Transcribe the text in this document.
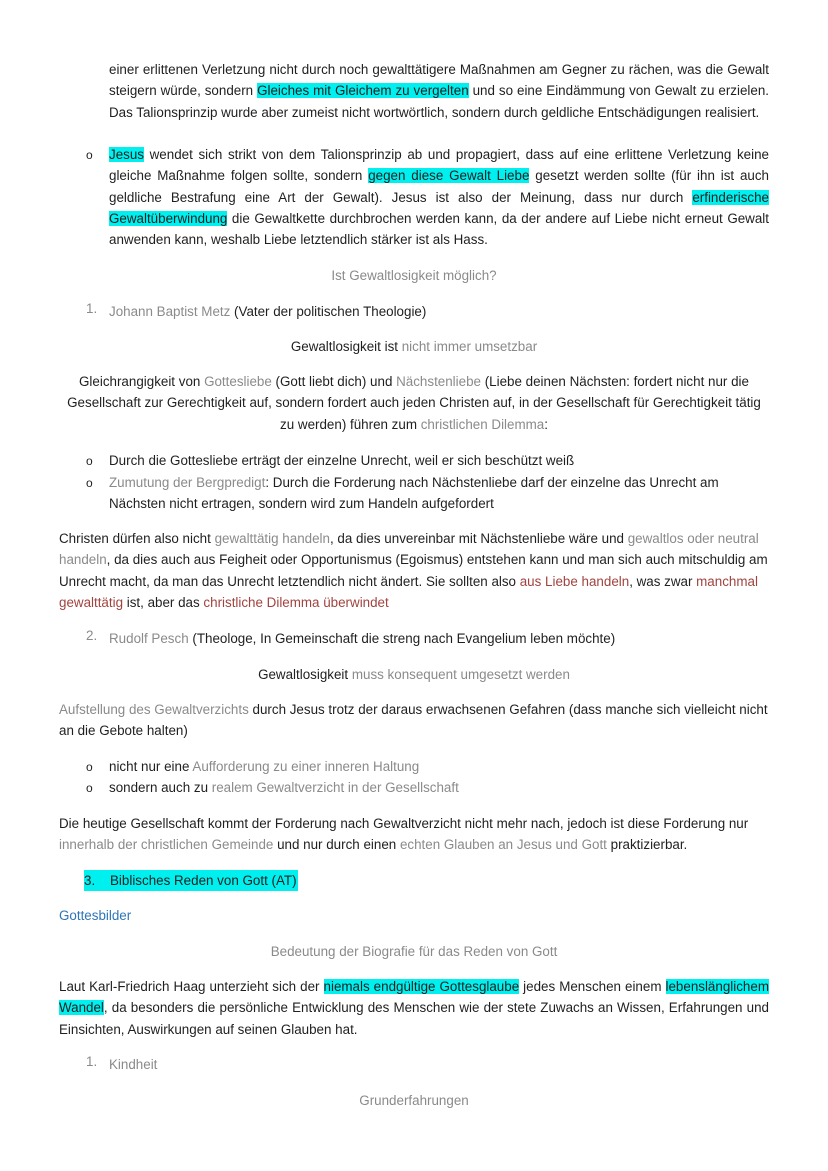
einer erlittenen Verletzung nicht durch noch gewalttätigere Maßnahmen am Gegner zu rächen, was die Gewalt steigern würde, sondern Gleiches mit Gleichem zu vergelten und so eine Eindämmung von Gewalt zu erzielen. Das Talionsprinzip wurde aber zumeist nicht wortwörtlich, sondern durch geldliche Entschädigungen realisiert.

o Jesus wendet sich strikt von dem Talionsprinzip ab und propagiert, dass auf eine erlittene Verletzung keine gleiche Maßnahme folgen sollte, sondern gegen diese Gewalt Liebe gesetzt werden sollte (für ihn ist auch geldliche Bestrafung eine Art der Gewalt). Jesus ist also der Meinung, dass nur durch erfinderische Gewaltüberwindung die Gewaltkette durchbrochen werden kann, da der andere auf Liebe nicht erneut Gewalt anwenden kann, weshalb Liebe letztendlich stärker ist als Hass.

Ist Gewaltlosigkeit möglich?

1. Johann Baptist Metz (Vater der politischen Theologie)

Gewaltlosigkeit ist nicht immer umsetzbar

Gleichrangigkeit von Gottesliebe (Gott liebt dich) und Nächstenliebe (Liebe deinen Nächsten: fordert nicht nur die Gesellschaft zur Gerechtigkeit auf, sondern fordert auch jeden Christen auf, in der Gesellschaft für Gerechtigkeit tätig zu werden) führen zum christlichen Dilemma:

o Durch die Gottesliebe erträgt der einzelne Unrecht, weil er sich beschützt weiß

o Zumutung der Bergpredigt: Durch die Forderung nach Nächstenliebe darf der einzelne das Unrecht am Nächsten nicht ertragen, sondern wird zum Handeln aufgefordert

Christen dürfen also nicht gewalttätig handeln, da dies unvereinbar mit Nächstenliebe wäre und gewaltlos oder neutral handeln, da dies auch aus Feigheit oder Opportunismus (Egoismus) entstehen kann und man sich auch mitschuldig am Unrecht macht, da man das Unrecht letztendlich nicht ändert. Sie sollten also aus Liebe handeln, was zwar manchmal gewalttätig ist, aber das christliche Dilemma überwindet

2. Rudolf Pesch (Theologe, In Gemeinschaft die streng nach Evangelium leben möchte)

Gewaltlosigkeit muss konsequent umgesetzt werden

Aufstellung des Gewaltverzichts durch Jesus trotz der daraus erwachsenen Gefahren (dass manche sich vielleicht nicht an die Gebote halten)

o nicht nur eine Aufforderung zu einer inneren Haltung

o sondern auch zu realem Gewaltverzicht in der Gesellschaft

Die heutige Gesellschaft kommt der Forderung nach Gewaltverzicht nicht mehr nach, jedoch ist diese Forderung nur innerhalb der christlichen Gemeinde und nur durch einen echten Glauben an Jesus und Gott praktizierbar.

3. Biblisches Reden von Gott (AT)

Gottesbilder

Bedeutung der Biografie für das Reden von Gott

Laut Karl-Friedrich Haag unterzieht sich der niemals endgültige Gottesglaube jedes Menschen einem lebenslänglichem Wandel, da besonders die persönliche Entwicklung des Menschen wie der stete Zuwachs an Wissen, Erfahrungen und Einsichten, Auswirkungen auf seinen Glauben hat.

1. Kindheit

Grunderfahrungen
